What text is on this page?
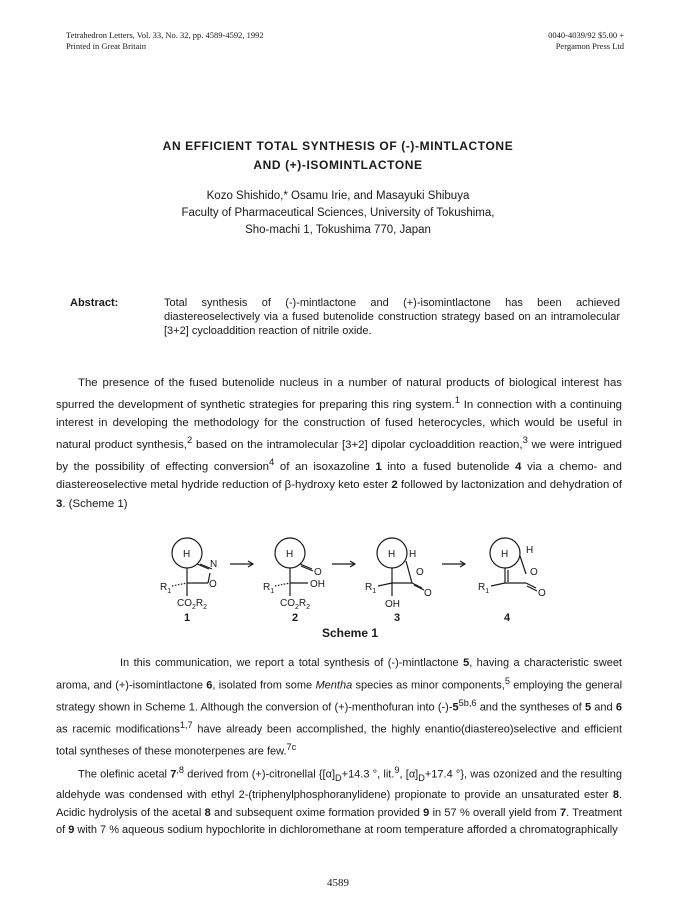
Tetrahedron Letters, Vol. 33, No. 32, pp. 4589-4592, 1992
Printed in Great Britain
0040-4039/92 $5.00 +
Pergamon Press Ltd
AN EFFICIENT TOTAL SYNTHESIS OF (-)-MINTLACTONE
AND (+)-ISOMINTLACTONE
Kozo Shishido,* Osamu Irie, and Masayuki Shibuya
Faculty of Pharmaceutical Sciences, University of Tokushima,
Sho-machi 1, Tokushima 770, Japan
Abstract:	Total synthesis of (-)-mintlactone and (+)-isomintlactone has been achieved diastereoselectively via a fused butenolide construction strategy based on an intramolecular [3+2] cycloaddition reaction of nitrile oxide.
The presence of the fused butenolide nucleus in a number of natural products of biological interest has spurred the development of synthetic strategies for preparing this ring system.$^1$ In connection with a continuing interest in developing the methodology for the construction of fused heterocycles, which would be useful in natural product synthesis,$^2$ based on the intramolecular [3+2] dipolar cycloaddition reaction,$^3$ we were intrigued by the possibility of effecting conversion$^4$ of an isoxazoline 1 into a fused butenolide 4 via a chemo- and diastereoselective metal hydride reduction of β-hydroxy keto ester 2 followed by lactonization and dehydration of 3. (Scheme 1)
H
N
O
$R_1$
$CO_2R_2$
H
O
OH
$R_1$
$CO_2R_2$
H H
O
O
OH
$R_1$
H H
O
O
$R_1$
1	2	3	4
Scheme 1

In this communication, we report a total synthesis of (-)-mintlactone 5, having a characteristic sweet aroma, and (+)-isomintlactone 6, isolated from some Mentha species as minor components,$^5$ employing the general strategy shown in Scheme 1. Although the conversion of (+)-menthofuran into $(-)-5^{5b,6}$ and the syntheses of 5 and 6 as racemic modifications$^{1,7}$ have already been accomplished, the highly enantio(diastereo)selective and efficient total syntheses of these monoterpenes are few.$^{7c}$

The olefinic acetal $7^{,8}$ derived from (+)-citronellal {$[\alpha]_D+14.3$ °, lit.$^9$, $[\alpha]_D+17.4$ °}, was ozonized and the resulting aldehyde was condensed with ethyl 2-(triphenylphosphoranylidene) propionate to provide an unsaturated ester 8. Acidic hydrolysis of the acetal 8 and subsequent oxime formation provided 9 in 57 % overall yield from 7. Treatment of 9 with 7 % aqueous sodium hypochlorite in dichloromethane at room temperature afforded a chromatographically

4589
